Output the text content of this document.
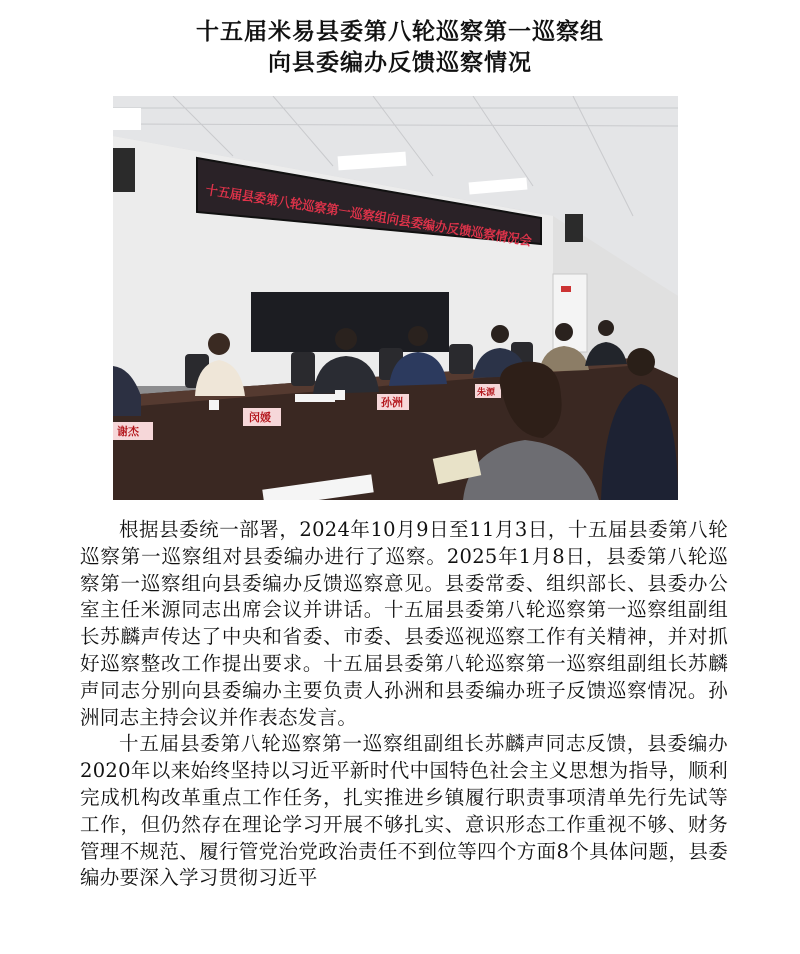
十五届米易县委第八轮巡察第一巡察组
向县委编办反馈巡察情况
十五届县委第八轮巡察第一巡察组向县委编办反馈巡察情况会
谢杰
闵媛
孙洲
朱源

根据县委统一部署，2024年10月9日至11月3日，十五届县委第八轮巡察第一巡察组对县委编办进行了巡察。2025年1月8日，县委第八轮巡察第一巡察组向县委编办反馈巡察意见。县委常委、组织部长、县委办公室主任米源同志出席会议并讲话。十五届县委第八轮巡察第一巡察组副组长苏麟声传达了中央和省委、市委、县委巡视巡察工作有关精神，并对抓好巡察整改工作提出要求。十五届县委第八轮巡察第一巡察组副组长苏麟声同志分别向县委编办主要负责人孙洲和县委编办班子反馈巡察情况。孙洲同志主持会议并作表态发言。

十五届县委第八轮巡察第一巡察组副组长苏麟声同志反馈，县委编办2020年以来始终坚持以习近平新时代中国特色社会主义思想为指导，顺利完成机构改革重点工作任务，扎实推进乡镇履行职责事项清单先行先试等工作，但仍然存在理论学习开展不够扎实、意识形态工作重视不够、财务管理不规范、履行管党治党政治责任不到位等四个方面8个具体问题，县委编办要深入学习贯彻习近平
